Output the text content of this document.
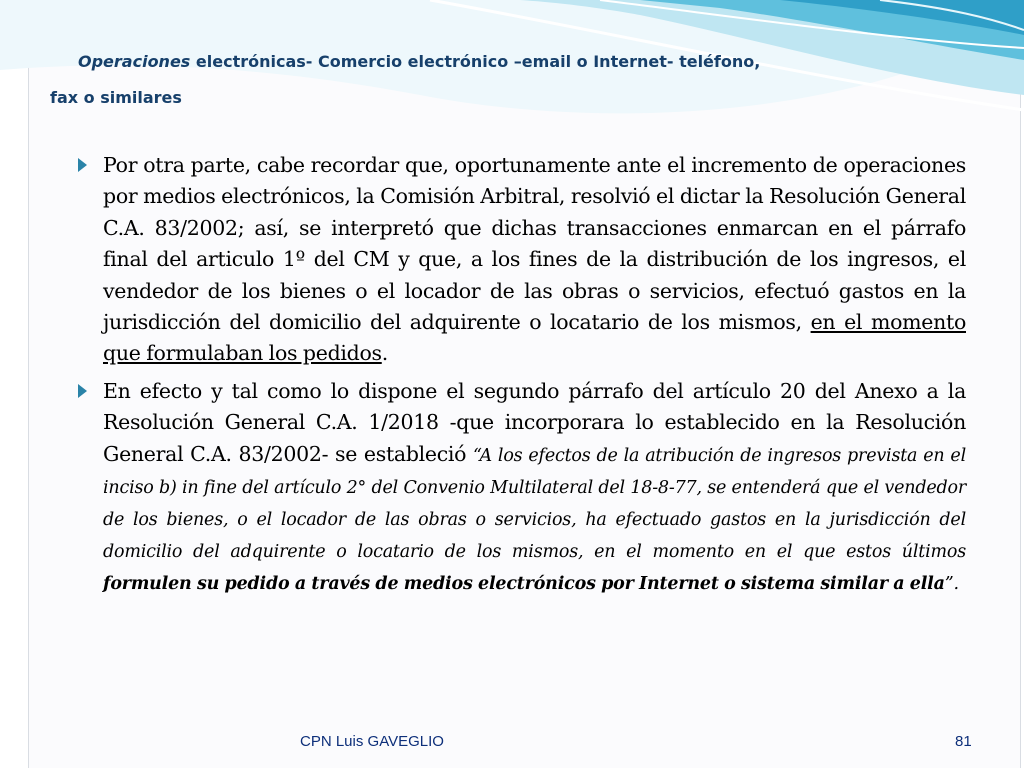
Operaciones electrónicas- Comercio electrónico –email o Internet- teléfono,
fax o similares
Por otra parte, cabe recordar que, oportunamente ante el incremento de operaciones por medios electrónicos, la Comisión Arbitral, resolvió el dictar la Resolución General C.A. 83/2002; así, se interpretó que dichas transacciones enmarcan en el párrafo final del articulo 1º del CM y que, a los fines de la distribución de los ingresos, el vendedor de los bienes o el locador de las obras o servicios, efectuó gastos en la jurisdicción del domicilio del adquirente o locatario de los mismos, en el momento que formulaban los pedidos.
En efecto y tal como lo dispone el segundo párrafo del artículo 20 del Anexo a la Resolución General C.A. 1/2018 -que incorporara lo establecido en la Resolución General C.A. 83/2002- se estableció “A los efectos de la atribución de ingresos prevista en el inciso b) in fine del artículo 2° del Convenio Multilateral del 18-8-77, se entenderá que el vendedor de los bienes, o el locador de las obras o servicios, ha efectuado gastos en la jurisdicción del domicilio del adquirente o locatario de los mismos, en el momento en el que estos últimos formulen su pedido a través de medios electrónicos por Internet o sistema similar a ella”.
CPN Luis GAVEGLIO	81
